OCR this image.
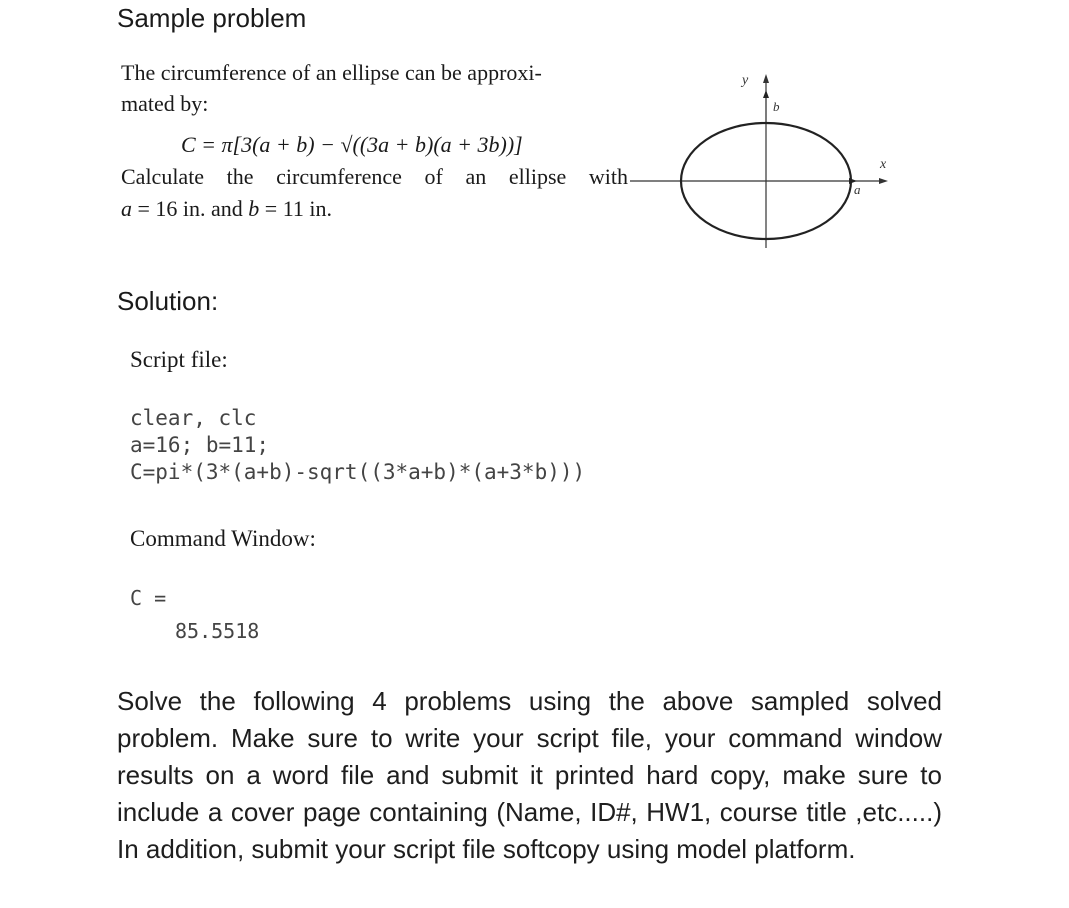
Sample problem
The circumference of an ellipse can be approxi-
mated by:
C = π[3(a + b) − √((3a + b)(a + 3b))]
Calculate the circumference of an ellipse with
a = 16 in. and b = 11 in.
y
b
x
a
Solution:
Script file:
clear, clc
a=16; b=11;
C=pi*(3*(a+b)-sqrt((3*a+b)*(a+3*b)))
Command Window:
C =
85.5518
Solve the following 4 problems using the above sampled solved problem. Make sure to write your script file, your command window results on a word file and submit it printed hard copy, make sure to include a cover page containing (Name, ID#, HW1, course title ,etc.....) In addition, submit your script file softcopy using model platform.
